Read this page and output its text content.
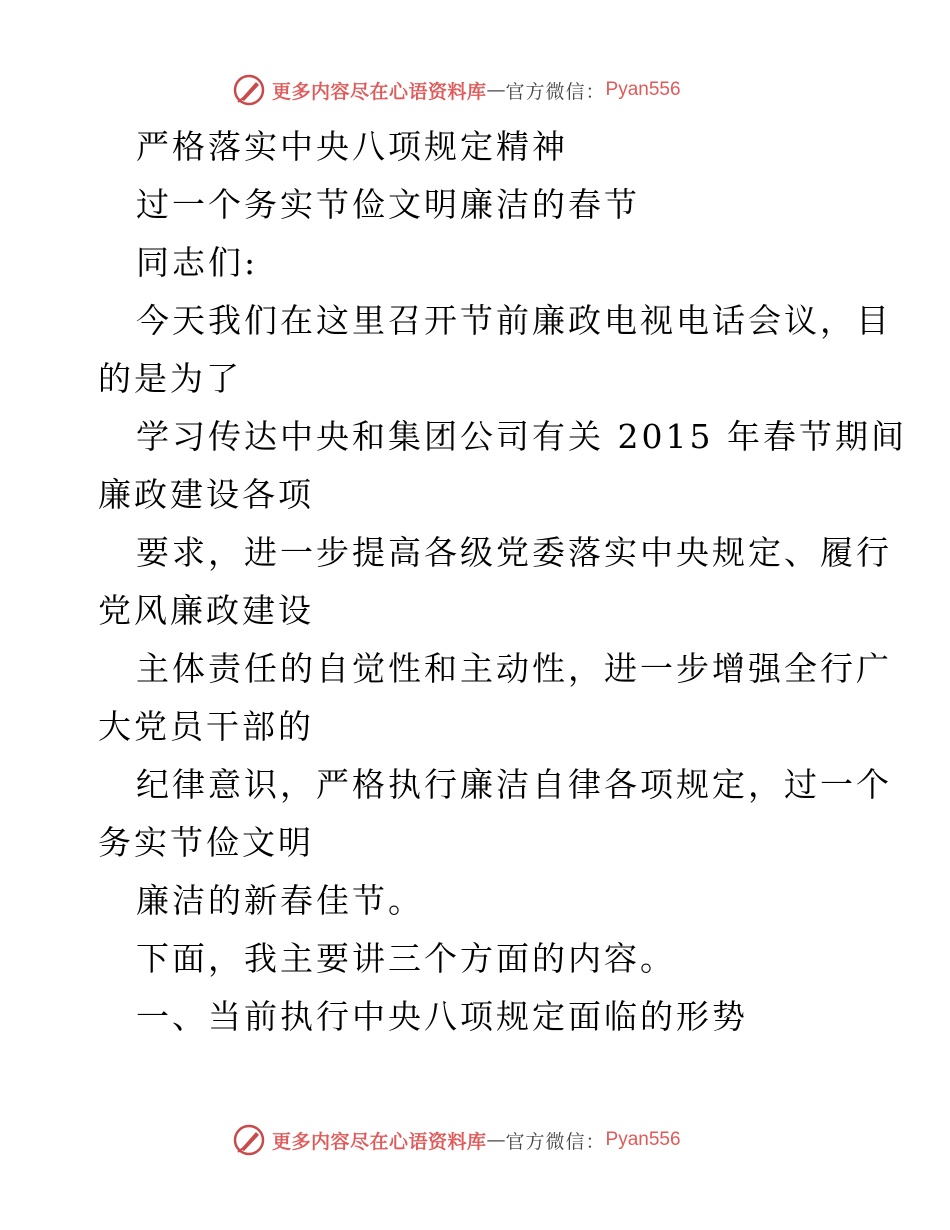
更多内容尽在心语资料库 — 官方微信： Pyan556
严格落实中央八项规定精神
过一个务实节俭文明廉洁的春节
同志们:
今天我们在这里召开节前廉政电视电话会议，目
的是为了
学习传达中央和集团公司有关 2015 年春节期间
廉政建设各项
要求，进一步提高各级党委落实中央规定、履行
党风廉政建设
主体责任的自觉性和主动性，进一步增强全行广
大党员干部的
纪律意识，严格执行廉洁自律各项规定，过一个
务实节俭文明
廉洁的新春佳节。
下面，我主要讲三个方面的内容。
一、当前执行中央八项规定面临的形势
更多内容尽在心语资料库 — 官方微信： Pyan556
